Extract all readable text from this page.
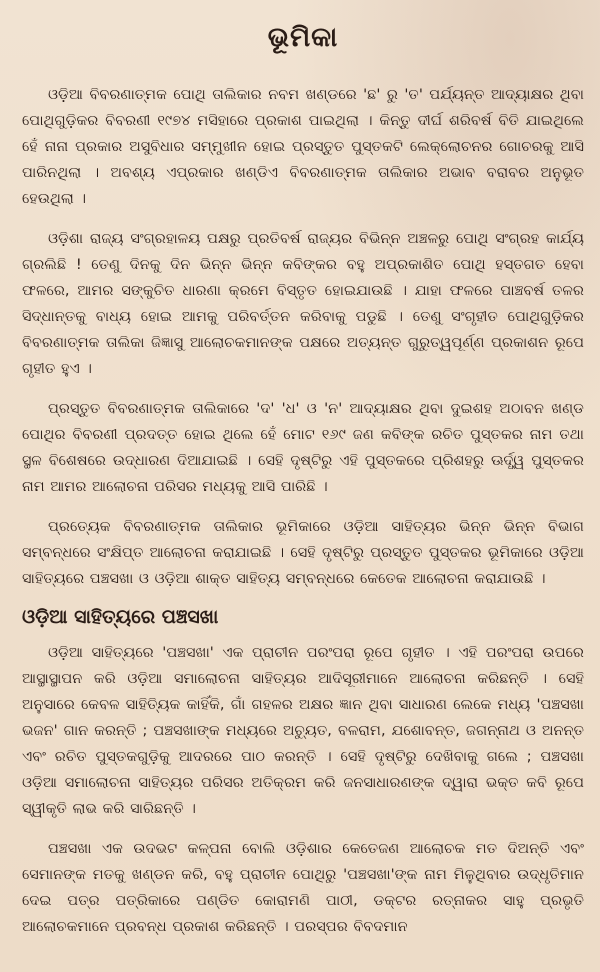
ଭୂମିକା

ଓଡ଼ିଆ ବିବରଣାତ୍ମକ ପୋଥି ତାଲିକାର ନବମ ଖଣ୍ଡରେ 'ଛ' ରୁ 'ତ' ପର୍ଯ୍ୟନ୍ତ ଆଦ୍ୟାକ୍ଷର ଥିବା ପୋଥିଗୁଡ଼ିକର ବିବରଣୀ ୧୯୭୪ ମସିହାରେ ପ୍ରକାଶ ପାଇଥିଲା । କିନ୍ତୁ ଦୀର୍ଘ ଶରିବର୍ଷ ବିତି ଯାଇଥିଲେ ହେଁ ନାନା ପ୍ରକାର ଅସୁବିଧାର ସମ୍ମୁଖୀନ ହୋଇ ପ୍ରସ୍ତୁତ ପୁସ୍ତକଟି ଲେକ୍‌ଲୋଚନର ଗୋଚରକୁ ଆସି ପାରିନଥିଲା । ଅବଶ୍ୟ ଏପ୍ରକାର ଖଣ୍ଡିଏ ବିବରଣାତ୍ମକ ତାଲିକାର ଅଭାବ ବରାବର ଅନୁଭୂତ ହେଉଥିଲା ।

ଓଡ଼ିଶା ରାଜ୍ୟ ସଂଗ୍ରହାଳୟ ପକ୍ଷରୁ ପ୍ରତିବର୍ଷ ରାଜ୍ୟର ବିଭିନ୍ନ ଅଞ୍ଚଳରୁ ପୋଥି ସଂଗ୍ରହ କାର୍ଯ୍ୟ ଗ୍ରଲିଛି ! ତେଣୁ ଦିନକୁ ଦିନ ଭିନ୍ନ ଭିନ୍ନ କବିଙ୍କର ବହୁ ଅପ୍ରକାଶିତ ପୋଥି ହସ୍ତଗତ ହେବା ଫଳରେ, ଆମର ସଙ୍କୁଚିତ ଧାରଣା କ୍ରମେ ବିସ୍ତୃତ ହୋଇଯାଉଛି । ଯାହା ଫଳରେ ପାଞ୍ଚବର୍ଷ ତଳର ସିଦ୍ଧାନ୍ତକୁ ବାଧ୍ୟ ହୋଇ ଆମକୁ ପରିବର୍ତ୍ତନ କରିବାକୁ ପଡୁଛି । ତେଣୁ ସଂଗୃହୀତ ପୋଥିଗୁଡ଼ିକର ବିବରଣାତ୍ମକ ତାଲିକା ଜିଜ୍ଞାସୁ ଆଲୋଚକମାନଙ୍କ ପକ୍ଷରେ ଅତ୍ୟନ୍ତ ଗୁରୁତ୍ୱପୂର୍ଣ୍ଣ ପ୍ରକାଶନ ରୂପେ ଗୃହୀତ ହୁଏ ।

ପ୍ରସ୍ତୁତ ବିବରଣାତ୍ମକ ତାଲିକାରେ 'ଦ' 'ଧ' ଓ 'ନ' ଆଦ୍ୟାକ୍ଷର ଥିବା ଦୁଇଶହ ଅଠାବନ ଖଣ୍ଡ ପୋଥିର ବିବରଣୀ ପ୍ରଦତ୍ତ ହୋଇ ଥିଲେ ହେଁ ମୋଟ ୧୬୯ ଜଣ କବିଙ୍କ ରଚିତ ପୁସ୍ତକର ନାମ ତଥା ସ୍ଥଳ ବିଶେଷରେ ଉଦ୍ଧାରଣ ଦିଆଯାଇଛି । ସେହି ଦୃଷ୍ଟିରୁ ଏହି ପୁସ୍ତକରେ ପ୍ରିଶହରୁ ଊର୍ଦ୍ଧ୍ୱ ପୁସ୍ତକର ନାମ ଆମର ଆଲୋଚନା ପରିସର ମଧ୍ୟକୁ ଆସି ପାରିଛି ।

ପ୍ରତ୍ୟେକ ବିବରଣାତ୍ମକ ତାଲିକାର ଭୂମିକାରେ ଓଡ଼ିଆ ସାହିତ୍ୟର ଭିନ୍ନ ଭିନ୍ନ ବିଭାଗ ସମ୍ବନ୍ଧରେ ସଂକ୍ଷିପ୍ତ ଆଲୋଚନା କରାଯାଇଛି । ସେହି ଦୃଷ୍ଟିରୁ ପ୍ରସ୍ତୁତ ପୁସ୍ତକର ଭୂମିକାରେ ଓଡ଼ିଆ ସାହିତ୍ୟରେ ପଞ୍ଚସଖା ଓ ଓଡ଼ିଆ ଶାକ୍ତ ସାହିତ୍ୟ ସମ୍ବନ୍ଧରେ କେତେକ ଆଲୋଚନା କରାଯାଉଛି ।

ଓଡ଼ିଆ ସାହିତ୍ୟରେ ପଞ୍ଚସଖା

ଓଡ଼ିଆ ସାହିତ୍ୟରେ 'ପଞ୍ଚସଖା' ଏକ ପ୍ରାଚୀନ ପରଂପରା ରୂପେ ଗୃହୀତ । ଏହି ପରଂପରା ଉପରେ ଆସ୍ଥାସ୍ଥାପନ କରି ଓଡ଼ିଆ ସମାଲୋଚନା ସାହିତ୍ୟର ଆଦିସୂରୀମାନେ ଆଲୋଚନା କରିଛନ୍ତି । ସେହି ଅନୁସାରେ କେବଳ ସାହିତ୍ୟିକ କାହିଁକି, ଗାଁ ଗହଳର ଅକ୍ଷର ଜ୍ଞାନ ଥିବା ସାଧାରଣ ଲେକେ ମଧ୍ୟ 'ପଞ୍ଚସଖା ଭଜନ' ଗାନ କରନ୍ତି ; ପଞ୍ଚସଖାଙ୍କ ମଧ୍ୟରେ ଅଚ୍ୟୁତ, ବଳରାମ, ଯଶୋବନ୍ତ, ଜଗନ୍ନାଥ ଓ ଅନନ୍ତ ଏବଂ ରଚିତ ପୁସ୍ତକଗୁଡ଼ିକୁ ଆଦରରେ ପାଠ କରନ୍ତି । ସେହି ଦୃଷ୍ଟିରୁ ଦେଖିବାକୁ ଗଲେ ; ପଞ୍ଚସଖା ଓଡ଼ିଆ ସମାଲୋଚନା ସାହିତ୍ୟର ପରିସର ଅତିକ୍ରମ କରି ଜନସାଧାରଣଙ୍କ ଦ୍ୱାରା ଭକ୍ତ କବି ରୂପେ ସ୍ୱୀକୃତି ଲାଭ କରି ସାରିଛନ୍ତି ।

ପଞ୍ଚସଖା ଏକ ଉଦଭଟ କଳ୍ପନା ବୋଲି ଓଡ଼ିଶାର କେତେଜଣ ଆଲୋଚକ ମତ ଦିଅନ୍ତି ଏବଂ ସେମାନଙ୍କ ମତକୁ ଖଣ୍ଡନ କରି, ବହୁ ପ୍ରାଚୀନ ପୋଥିରୁ 'ପଞ୍ଚସଖା'ଙ୍କ ନାମ ମିଳୁଥିବାର ଉଦ୍ଧୃତିମାନ ଦେଇ ପତ୍ର ପତ୍ରିକାରେ ପଣ୍ଡିତ କୋରାମଣି ପାଠୀ, ଡକ୍ଟର ରତ୍ନାକର ସାହୁ ପ୍ରଭୃତି ଆଲୋଚକମାନେ ପ୍ରବନ୍ଧ ପ୍ରକାଶ କରିଛନ୍ତି । ପରସ୍ପର ବିବଦମାନ
